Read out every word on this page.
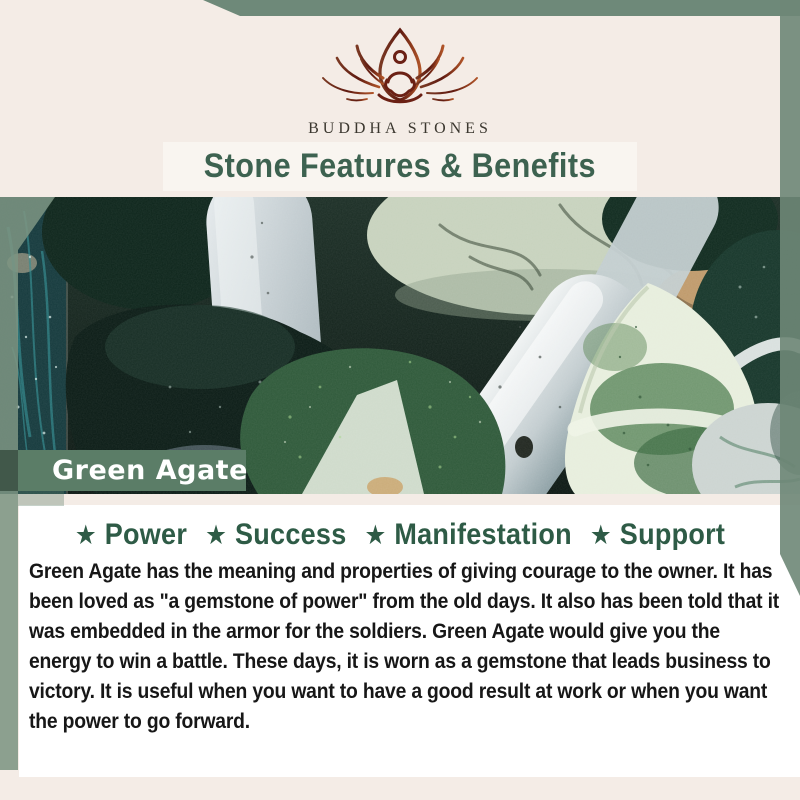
BUDDHA STONES
Stone Features & Benefits
Green Agate
★ Power ★ Success ★ Manifestation ★ Support
Green Agate has the meaning and properties of giving courage to the owner. It has been loved as "a gemstone of power" from the old days. It also has been told that it was embedded in the armor for the soldiers. Green Agate would give you the energy to win a battle. These days, it is worn as a gemstone that leads business to victory. It is useful when you want to have a good result at work or when you want the power to go forward.
